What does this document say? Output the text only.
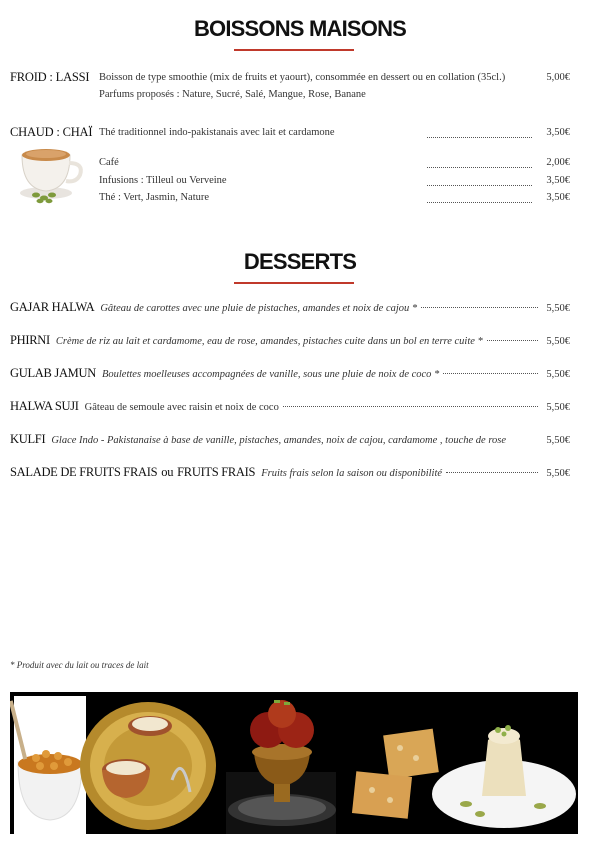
BOISSONS MAISONS
FROID : LASSI Boisson de type smoothie (mix de fruits et yaourt), consommée en dessert ou en collation (35cl.)	5,00€
Parfums proposés : Nature, Sucré, Salé, Mangue, Rose, Banane
CHAUD : CHAÏ Thé traditionnel indo-pakistanais avec lait et cardamone	3,50€
Café	2,00€
Infusions : Tilleul ou Verveine	3,50€
Thé : Vert, Jasmin, Nature	3,50€
DESSERTS
GAJAR HALWA Gâteau de carottes avec une pluie de pistaches, amandes et noix de cajou *	5,50€
PHIRNI Crème de riz au lait et cardamome, eau de rose, amandes, pistaches cuite dans un bol en terre cuite *	5,50€
GULAB JAMUN Boulettes moelleuses accompagnées de vanille, sous une pluie de noix de coco *	5,50€
HALWA SUJI Gâteau de semoule avec raisin et noix de coco	5,50€
KULFI Glace Indo - Pakistanaise à base de vanille, pistaches, amandes, noix de cajou, cardamome , touche de rose	5,50€
SALADE DE FRUITS FRAIS ou FRUITS FRAIS Fruits frais selon la saison ou disponibilité	5,50€
* Produit avec du lait ou traces de lait
